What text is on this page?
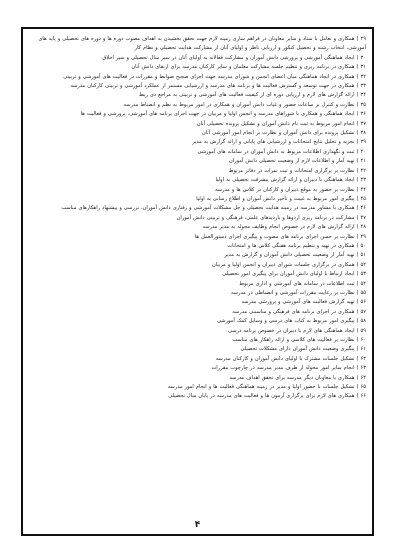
۲۹) همکاری و تعامل با ستاد و سایر معاونان در فراهم سازی زمینه لازم جهت تحقق بخشیدن به اهداف مصوب دوره ها و دوره های تحصیلی و پایه های آموزشی، انتخاب رشته و تحصیل کنکور و ارزیابی ناظر و اولیای آنان از مشارکت هدایت تحصیلی و نظام کار
۳۰) ایجاد هماهنگی آموزشی و پرورشی دانش آموزان و مشارکت فعالانه به اولیای آنان در سیر سال تحصیلی و سیر اخلاق
۳۱) همکاری در برنامه ریزی و تنظیم جلسه مشارکت معلمان و سایر کارکنان مدرسه برای ارتقای دانش آنان
۳۲) همکاری در ایجاد هماهنگی میان اعضای انجمن و شورای مدرسه جهت اجرای صحیح ضوابط و مقررات در فعالیت های آموزشی و تربیتی
۳۳) همکاری در جهت توسعه و گسترش فعالیت ها و برنامه های مدرسه و ارزشیابی مستمر از عملکرد آموزشی و تربیتی کارکنان مدرسه
۳۴) ارائه گزارش های لازم و ارزیابی دوره ای از کیفیت فعالیت های آموزشی و تربیتی به مراجع ذی ربط
۳۵) نظارت و کنترل بر ساعات حضور و غیاب دانش آموزان و همکاری در امور مربوط به نظم و انضباط مدرسه
۳۶) ایجاد هماهنگی و همکاری با شوراهای مدرسه و انجمن اولیا و مربیان در جهت اجرای برنامه های آموزشی، پرورشی و فعالیت ها
۳۷) انجام امور مربوط به ثبت نام دانش آموزان و تشکیل پرونده تحصیلی آنان
۳۸) تشکیل پرونده برای دانش آموزان و نظارت بر انجام امور آموزشی آنان
۳۹) تجزیه و تحلیل نتایج امتحانات و ارزشیابی های پایانی و ارائه گزارش به مدیر
۴۰) ثبت و نگهداری اطلاعات مربوط به دانش آموزان در سامانه های آموزشی
۴۱) تهیه آمار و اطلاعات لازم از وضعیت تحصیلی دانش آموزان
۴۲) نظارت بر برگزاری امتحانات و ثبت نمرات در دفاتر مربوط
۴۳) ایجاد هماهنگی با دبیران و ارائه گزارش پیشرفت تحصیلی به اولیا
۴۴) نظارت بر حضور به موقع دبیران و کارکنان در کلاس ها و مدرسه
۴۵) پیگیری امور مربوط به غیبت و تأخیر دانش آموزان و اطلاع رسانی به اولیا
۴۶) همکاری با مشاور مدرسه در زمینه هدایت تحصیلی و حل مشکلات آموزشی و رفتاری دانش آموزان، بررسی و پیشنهاد راهکارهای مناسب
۴۷) مشارکت در برنامه ریزی اردوها و بازدیدهای علمی، فرهنگی و تربیتی دانش آموزان
۴۸) ارائه گزارش های لازم در خصوص انجام وظایف محوله به مدیر مدرسه
۴۹) نظارت بر حسن اجرای برنامه های مصوب و پیگیری اجرای دستورالعمل ها
۵۰) همکاری در تهیه و تنظیم برنامه هفتگی کلاس ها و امتحانات
۵۱) تهیه آمار از وضعیت تحصیلی دانش آموزان و گزارش به مدیر
۵۲) همکاری در برگزاری جلسات شورای دبیران و انجمن اولیا و مربیان
۵۳) ایجاد ارتباط با اولیای دانش آموزان برای پیگیری امور تحصیلی
۵۴) ثبت اطلاعات در سامانه های آموزشی و اداری مربوط
۵۵) نظارت بر رعایت مقررات آموزشی و انضباطی در مدرسه
۵۶) تهیه گزارش فعالیت های آموزشی و پرورشی مدرسه
۵۷) همکاری در اجرای برنامه های فرهنگی و مناسبتی مدرسه
۵۸) پیگیری امور مربوط به کتاب های درسی و وسایل کمک آموزشی
۵۹) ایجاد هماهنگی های لازم با دبیران در خصوص برنامه درسی
۶۰) نظارت بر فعالیت های کلاسی و ارائه راهکار های مناسب
۶۱) پیگیری وضعیت دانش آموزان دارای مشکلات تحصیلی
۶۲) تشکیل جلسات مشترک با اولیای دانش آموزان و کارکنان مدرسه
۶۳) انجام سایر امور محوله از طرف مدیر مدرسه در چارچوب مقررات
۶۴) همکاری با معاونان دیگر مدرسه برای تحقق اهداف مدرسه
۶۵) تشکیل جلسات با حضور اولیا و مدیر در زمینه هماهنگی فعالیت ها و انجام امور مدرسه
۶۶) همکاری های لازم برای برگزاری آزمون ها و فعالیت های مدرسه در پایان سال تحصیلی
۴
